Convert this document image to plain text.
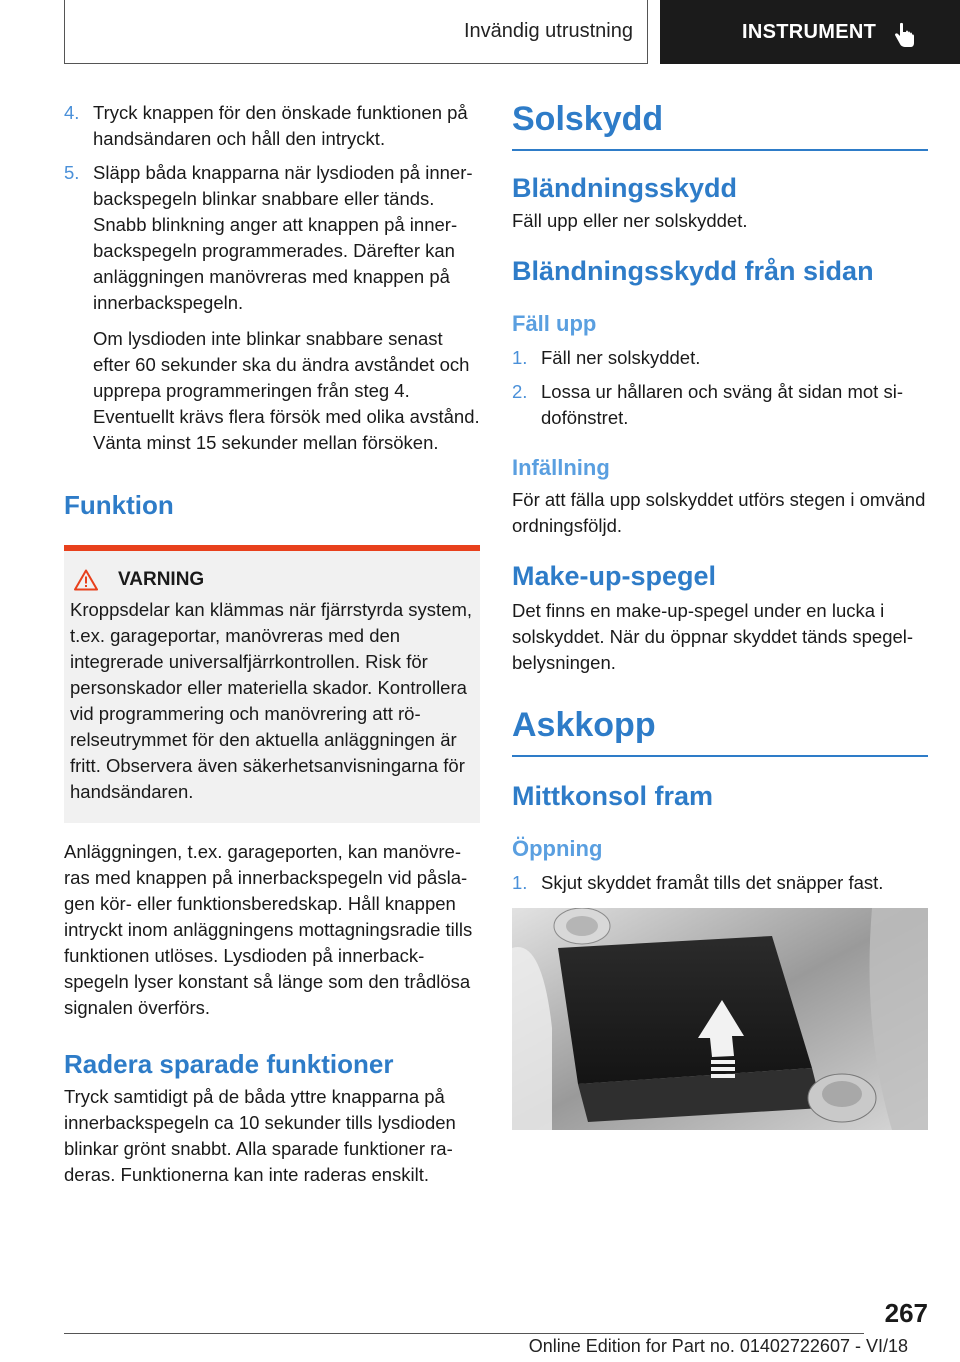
Invändig utrustning	INSTRUMENT
4. Tryck knappen för den önskade funktionen på handsändaren och håll den intryckt.
5. Släpp båda knapparna när lysdioden på innerbackspegeln blinkar snabbare eller tänds. Snabb blinkning anger att knappen på innerbackspegeln programmerades. Därefter kan anläggningen manövreras med knappen på innerbackspegeln.

Om lysdioden inte blinkar snabbare senast efter 60 sekunder ska du ändra avståndet och upprepa programmeringen från steg 4. Eventuellt krävs flera försök med olika avstånd. Vänta minst 15 sekunder mellan försöken.

Funktion
VARNING

Kroppsdelar kan klämmas när fjärrstyrda system, t.ex. garageportar, manövreras med den integrerade universalfjärrkontrollen. Risk för personskador eller materiella skador. Kontrollera vid programmering och manövrering att rörelseutrymmet för den aktuella anläggningen är fritt. Observera även säkerhetsanvisningarna för handsändaren.

Anläggningen, t.ex. garageporten, kan manövreras med knappen på innerbackspegeln vid påslagen kör- eller funktionsberedskap. Håll knappen intryckt inom anläggningens mottagningsradie tills funktionen utlöses. Lysdioden på innerbackspegeln lyser konstant så länge som den trådlösa signalen överförs.

Radera sparade funktioner

Tryck samtidigt på de båda yttre knapparna på innerbackspegeln ca 10 sekunder tills lysdioden blinkar grönt snabbt. Alla sparade funktioner raderas. Funktionerna kan inte raderas enskilt.

Solskydd
Bländningsskydd

Fäll upp eller ner solskyddet.

Bländningsskydd från sidan
Fäll upp
1. Fäll ner solskyddet.
2. Lossa ur hållaren och sväng åt sidan mot sidofönstret.
Infällning

För att fälla upp solskyddet utförs stegen i omvänd ordningsföljd.

Make-up-spegel

Det finns en make-up-spegel under en lucka i solskyddet. När du öppnar skyddet tänds spegelbelysningen.

Askkopp
Mittkonsol fram
Öppning
1. Skjut skyddet framåt tills det snäpper fast.
267
Online Edition for Part no. 01402722607 - VI/18
